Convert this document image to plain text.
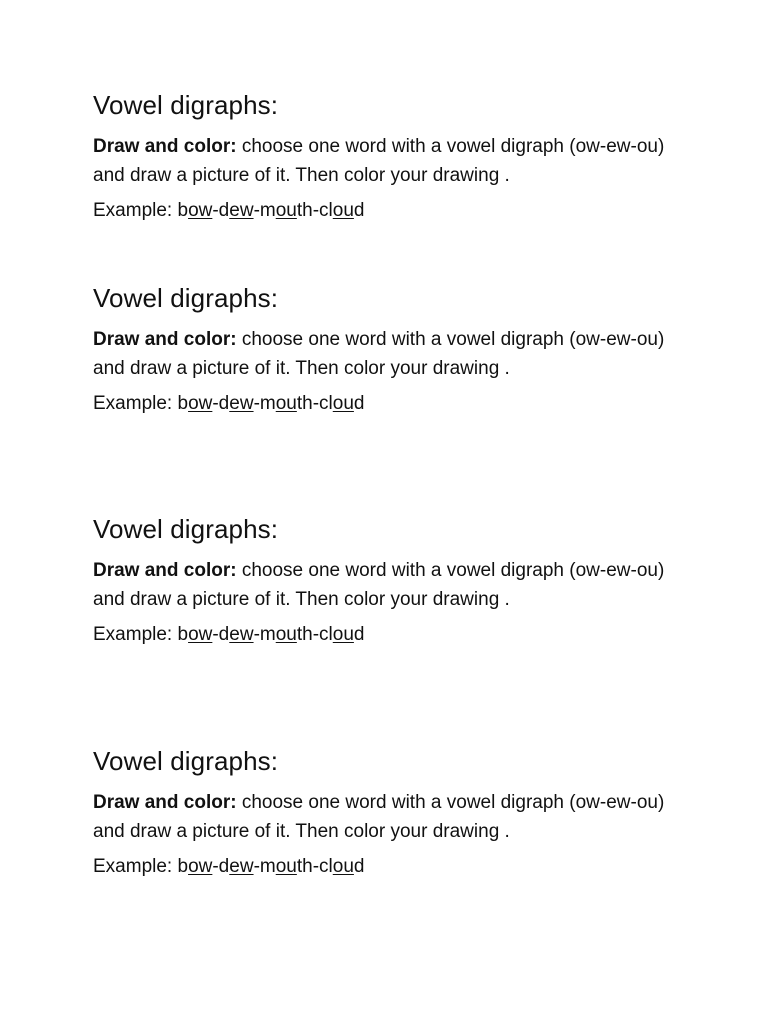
Vowel digraphs:

Draw and color: choose one word with a vowel digraph (ow-ew-ou) and draw a picture of it. Then color your drawing .

Example: bow-dew-mouth-cloud

Vowel digraphs:

Draw and color: choose one word with a vowel digraph (ow-ew-ou) and draw a picture of it. Then color your drawing .

Example: bow-dew-mouth-cloud

Vowel digraphs:

Draw and color: choose one word with a vowel digraph (ow-ew-ou) and draw a picture of it. Then color your drawing .

Example: bow-dew-mouth-cloud

Vowel digraphs:

Draw and color: choose one word with a vowel digraph (ow-ew-ou) and draw a picture of it. Then color your drawing .

Example: bow-dew-mouth-cloud
